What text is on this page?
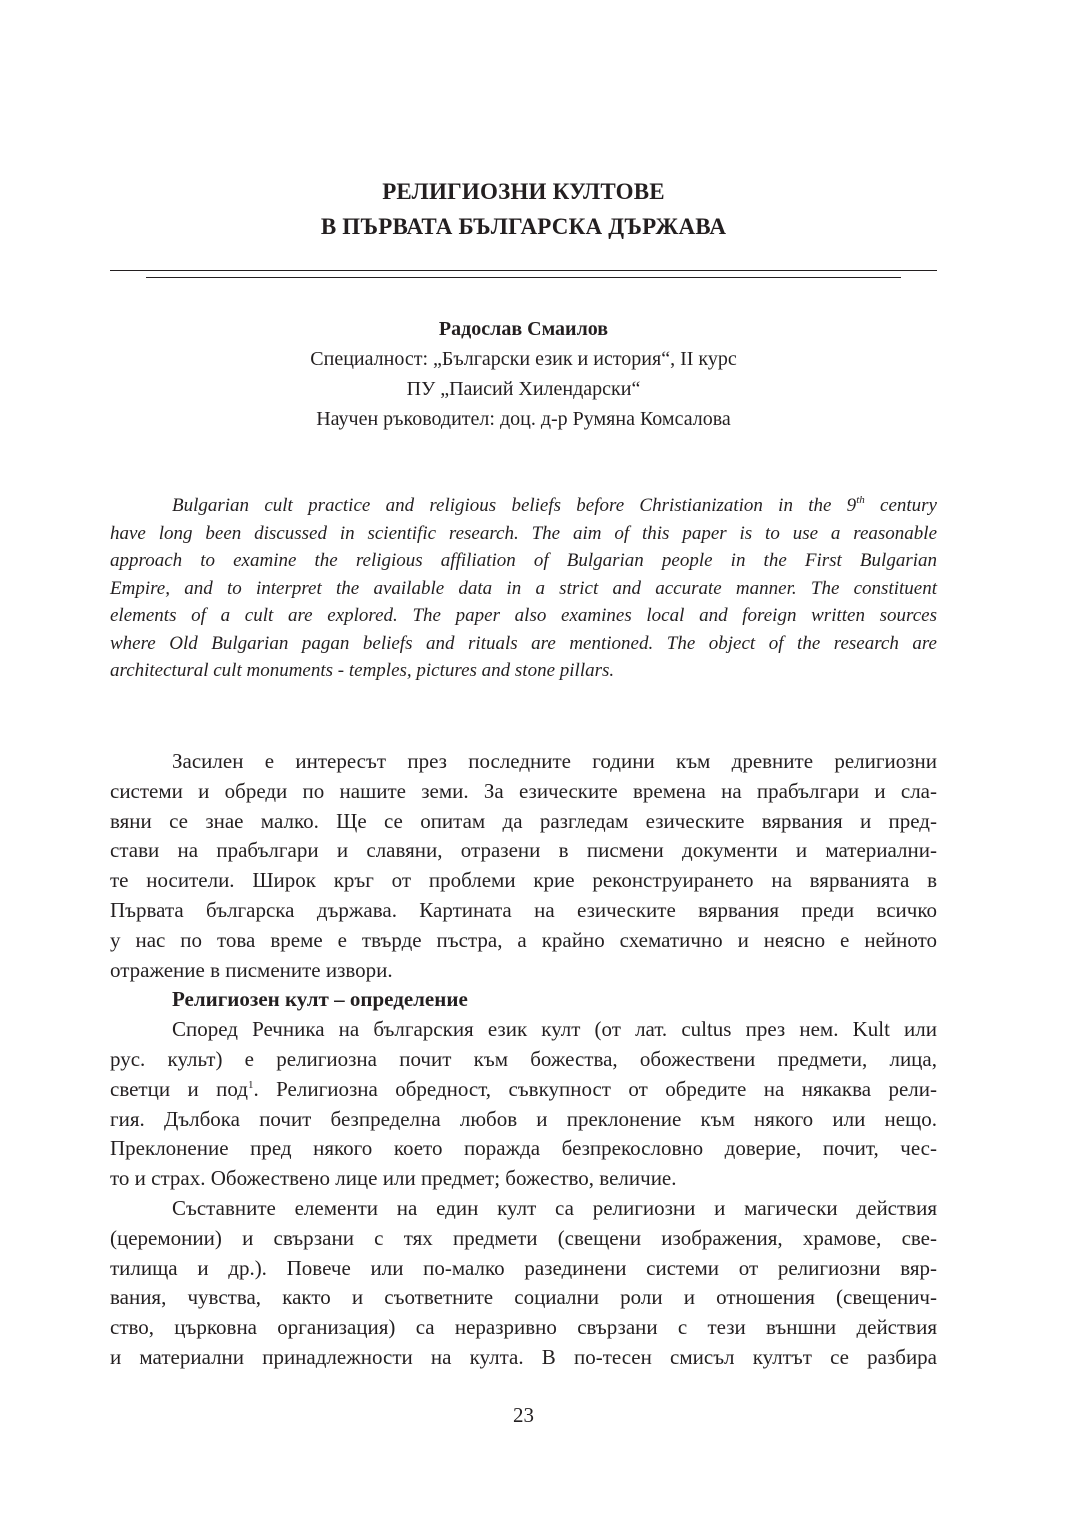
РЕЛИГИОЗНИ КУЛТОВЕ
В ПЪРВАТА БЪЛГАРСКА ДЪРЖАВА
Радослав Смаилов
Специалност: „Български език и история“, II курс
ПУ „Паисий Хилендарски“
Научен ръководител: доц. д-р Румяна Комсалова
Bulgarian cult practice and religious beliefs before Christianization in the 9th century
have long been discussed in scientific research. The aim of this paper is to use a reasonable
approach to examine the religious affiliation of Bulgarian people in the First Bulgarian
Empire, and to interpret the available data in a strict and accurate manner. The constituent
elements of a cult are explored. The paper also examines local and foreign written sources
where Old Bulgarian pagan beliefs and rituals are mentioned. The object of the research are
architectural cult monuments - temples, pictures and stone pillars.
Засилен е интересът през последните години към древните религиозни
системи и обреди по нашите земи. За езическите времена на прабългари и сла-
вяни се знае малко. Ще се опитам да разгледам езическите вярвания и пред-
стави на прабългари и славяни, отразени в писмени документи и материални-
те носители. Широк кръг от проблеми крие реконструирането на вярванията в
Първата българска държава. Картината на езическите вярвания преди всичко
у нас по това време е твърде пъстра, а крайно схематично и неясно е нейното
отражение в писмените извори.
Религиозен култ – определение
Според Речника на българския език култ (от лат. cultus през нем. Kult или
рус. культ) е религиозна почит към божества, обожествени предмети, лица,
светци и под$^1$. Религиозна обредност, съвкупност от обредите на някаква рели-
гия. Дълбока почит безпределна любов и преклонение към някого или нещо.
Преклонение пред някого което поражда безпрекословно доверие, почит, чес-
то и страх. Обожествено лице или предмет; божество, величие.
Съставните елементи на един култ са религиозни и магически действия
(церемонии) и свързани с тях предмети (свещени изображения, храмове, све-
тилища и др.). Повече или по-малко разединени системи от религиозни вяр-
вания, чувства, както и съответните социални роли и отношения (свещенич-
ство, църковна организация) са неразривно свързани с тези външни действия
и материални принадлежности на култа. В по-тесен смисъл култът се разбира
23
